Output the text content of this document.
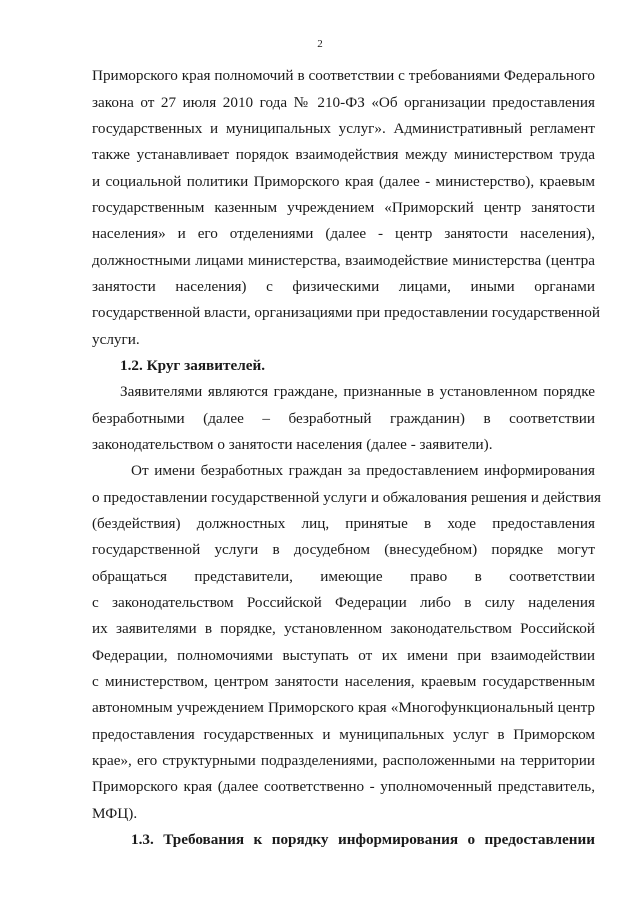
2
Приморского края полномочий в соответствии с требованиями Федерального
закона от 27 июля 2010 года № 210-ФЗ «Об организации предоставления
государственных и муниципальных услуг». Административный регламент
также устанавливает порядок взаимодействия между министерством труда
и социальной политики Приморского края (далее - министерство), краевым
государственным казенным учреждением «Приморский центр занятости
населения» и его отделениями (далее - центр занятости населения),
должностными лицами министерства, взаимодействие министерства (центра
занятости населения) с физическими лицами, иными органами
государственной власти, организациями при предоставлении государственной
услуги.
1.2. Круг заявителей.
Заявителями являются граждане, признанные в установленном порядке
безработными (далее – безработный гражданин) в соответствии
законодательством о занятости населения (далее - заявители).
От имени безработных граждан за предоставлением информирования
о предоставлении государственной услуги и обжалования решения и действия
(бездействия) должностных лиц, принятые в ходе предоставления
государственной услуги в досудебном (внесудебном) порядке могут
обращаться представители, имеющие право в соответствии
с законодательством Российской Федерации либо в силу наделения
их заявителями в порядке, установленном законодательством Российской
Федерации, полномочиями выступать от их имени при взаимодействии
с министерством, центром занятости населения, краевым государственным
автономным учреждением Приморского края «Многофункциональный центр
предоставления государственных и муниципальных услуг в Приморском
крае», его структурными подразделениями, расположенными на территории
Приморского края (далее соответственно - уполномоченный представитель,
МФЦ).
1.3. Требования к порядку информирования о предоставлении
